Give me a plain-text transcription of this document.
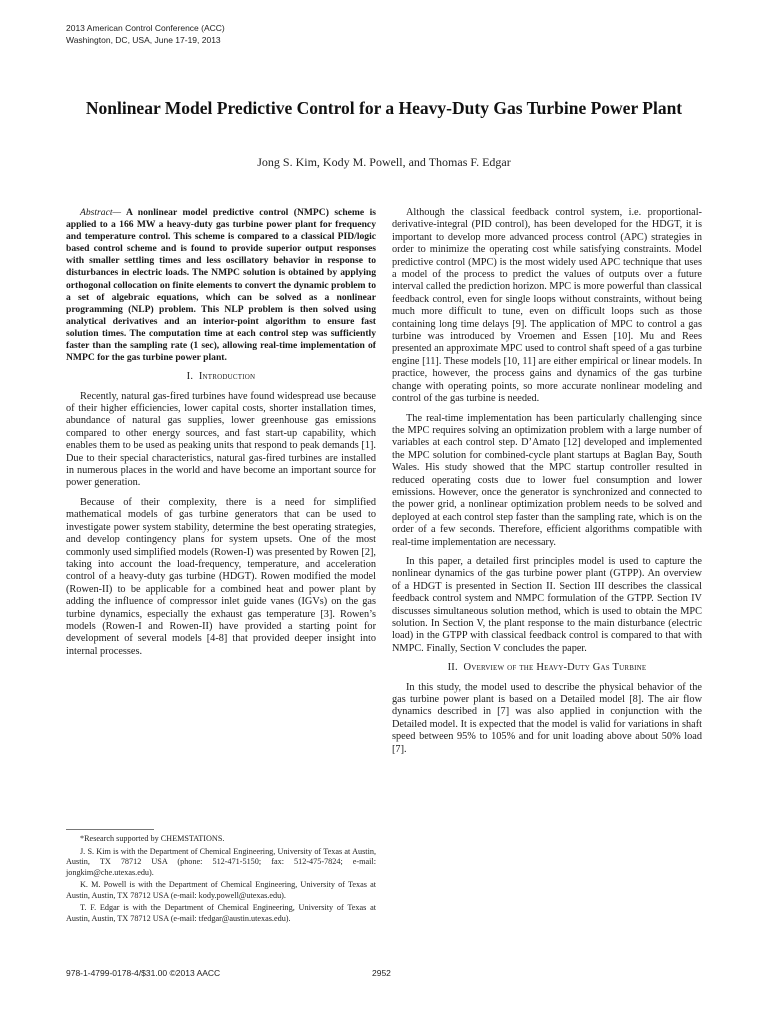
2013 American Control Conference (ACC)
Washington, DC, USA, June 17-19, 2013
Nonlinear Model Predictive Control for a Heavy-Duty Gas Turbine Power Plant
Jong S. Kim, Kody M. Powell, and Thomas F. Edgar

Abstract— A nonlinear model predictive control (NMPC) scheme is applied to a 166 MW a heavy-duty gas turbine power plant for frequency and temperature control. This scheme is compared to a classical PID/logic based control scheme and is found to provide superior output responses with smaller settling times and less oscillatory behavior in response to disturbances in electric loads. The NMPC solution is obtained by applying orthogonal collocation on finite elements to convert the dynamic problem to a set of algebraic equations, which can be solved as a nonlinear programming (NLP) problem. This NLP problem is then solved using analytical derivatives and an interior-point algorithm to ensure fast solution times. The computation time at each control step was sufficiently faster than the sampling rate (1 sec), allowing real-time implementation of NMPC for the gas turbine power plant.

I. Introduction

Recently, natural gas-fired turbines have found widespread use because of their higher efficiencies, lower capital costs, shorter installation times, abundance of natural gas supplies, lower greenhouse gas emissions compared to other energy sources, and fast start-up capability, which enables them to be used as peaking units that respond to peak demands [1]. Due to their special characteristics, natural gas-fired turbines are installed in numerous places in the world and have become an important source for power generation.

Because of their complexity, there is a need for simplified mathematical models of gas turbine generators that can be used to investigate power system stability, determine the best operating strategies, and develop contingency plans for system upsets. One of the most commonly used simplified models (Rowen-I) was presented by Rowen [2], taking into account the load-frequency, temperature, and acceleration control of a heavy-duty gas turbine (HDGT). Rowen modified the model (Rowen-II) to be applicable for a combined heat and power plant by adding the influence of compressor inlet guide vanes (IGVs) on the gas turbine dynamics, especially the exhaust gas temperature [3]. Rowen’s models (Rowen-I and Rowen-II) have provided a starting point for development of several models [4-8] that provided deeper insight into internal processes.

*Research supported by CHEMSTATIONS.

J. S. Kim is with the Department of Chemical Engineering, University of Texas at Austin, Austin, TX 78712 USA (phone: 512-471-5150; fax: 512-475-7824; e-mail: jongkim@che.utexas.edu).

K. M. Powell is with the Department of Chemical Engineering, University of Texas at Austin, Austin, TX 78712 USA (e-mail: kody.powell@utexas.edu).

T. F. Edgar is with the Department of Chemical Engineering, University of Texas at Austin, Austin, TX 78712 USA (e-mail: tfedgar@austin.utexas.edu).

Although the classical feedback control system, i.e. proportional-derivative-integral (PID control), has been developed for the HDGT, it is important to develop more advanced process control (APC) strategies in order to minimize the operating cost while satisfying constraints. Model predictive control (MPC) is the most widely used APC technique that uses a model of the process to predict the values of outputs over a future interval called the prediction horizon. MPC is more powerful than classical feedback control, even for single loops without constraints, without being much more difficult to tune, even on difficult loops such as those containing long time delays [9]. The application of MPC to control a gas turbine was introduced by Vroemen and Essen [10]. Mu and Rees presented an approximate MPC used to control shaft speed of a gas turbine engine [11]. These models [10, 11] are either empirical or linear models. In practice, however, the process gains and dynamics of the gas turbine change with operating points, so more accurate nonlinear modeling and control of the gas turbine is needed.

The real-time implementation has been particularly challenging since the MPC requires solving an optimization problem with a large number of variables at each control step. D’Amato [12] developed and implemented the MPC solution for combined-cycle plant startups at Baglan Bay, South Wales. His study showed that the MPC startup controller resulted in reduced operating costs due to lower fuel consumption and lower emissions. However, once the generator is synchronized and connected to the power grid, a nonlinear optimization problem needs to be solved and deployed at each control step faster than the sampling rate, which is on the order of a few seconds. Therefore, efficient algorithms compatible with real-time implementation are necessary.

In this paper, a detailed first principles model is used to capture the nonlinear dynamics of the gas turbine power plant (GTPP). An overview of a HDGT is presented in Section II. Section III describes the classical feedback control system and NMPC formulation of the GTPP. Section IV discusses simultaneous solution method, which is used to obtain the MPC solution. In Section V, the plant response to the main disturbance (electric load) in the GTPP with classical feedback control is compared to that with NMPC. Finally, Section V concludes the paper.

II. Overview of the Heavy-Duty Gas Turbine

In this study, the model used to describe the physical behavior of the gas turbine power plant is based on a Detailed model [8]. The air flow dynamics described in [7] was also applied in conjunction with the Detailed model. It is expected that the model is valid for variations in shaft speed between 95% to 105% and for unit loading above about 50% load [7].

978-1-4799-0178-4/$31.00 ©2013 AACC	2952
